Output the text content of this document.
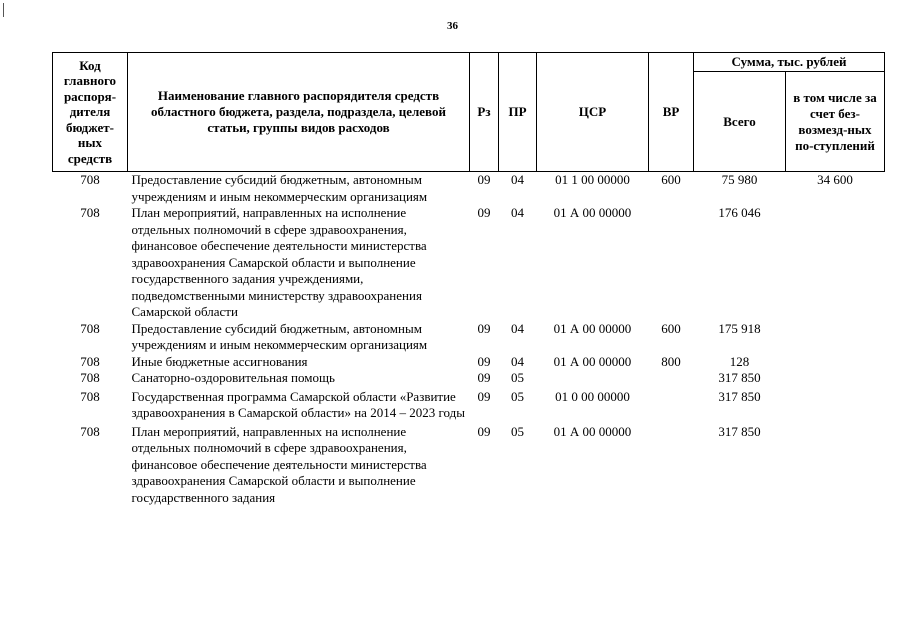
36
Код главного распоря-дителя бюджет-ных средств	Наименование главного распорядителя средств областного бюджета, раздела, подраздела, целевой статьи, группы видов расходов	Рз	ПР	ЦСР	ВР	Сумма, тыс. рублей	
						Всего	в том числе за счет без-возмезд-ных по-ступлений
708	Предоставление субсидий бюджетным, автономным учреждениям и иным некоммерческим организациям	09	04	01 1 00 00000	600	75 980	34 600
708	План мероприятий, направленных на исполнение отдельных полномочий в сфере здравоохранения, финансовое обеспечение деятельности министерства здравоохранения Самарской области и выполнение государственного задания учреждениями, подведомственными министерству здравоохранения Самарской области	09	04	01 А 00 00000		176 046	
708	Предоставление субсидий бюджетным, автономным учреждениям и иным некоммерческим организациям	09	04	01 А 00 00000	600	175 918	
708	Иные бюджетные ассигнования	09	04	01 А 00 00000	800	128	
708	Санаторно-оздоровительная помощь	09	05			317 850	
708	Государственная программа Самарской области «Развитие здравоохранения в Самарской области» на 2014 – 2023 годы	09	05	01 0 00 00000		317 850	
708	План мероприятий, направленных на исполнение отдельных полномочий в сфере здравоохранения, финансовое обеспечение деятельности министерства здравоохранения Самарской области и выполнение государственного задания	09	05	01 А 00 00000		317 850	
